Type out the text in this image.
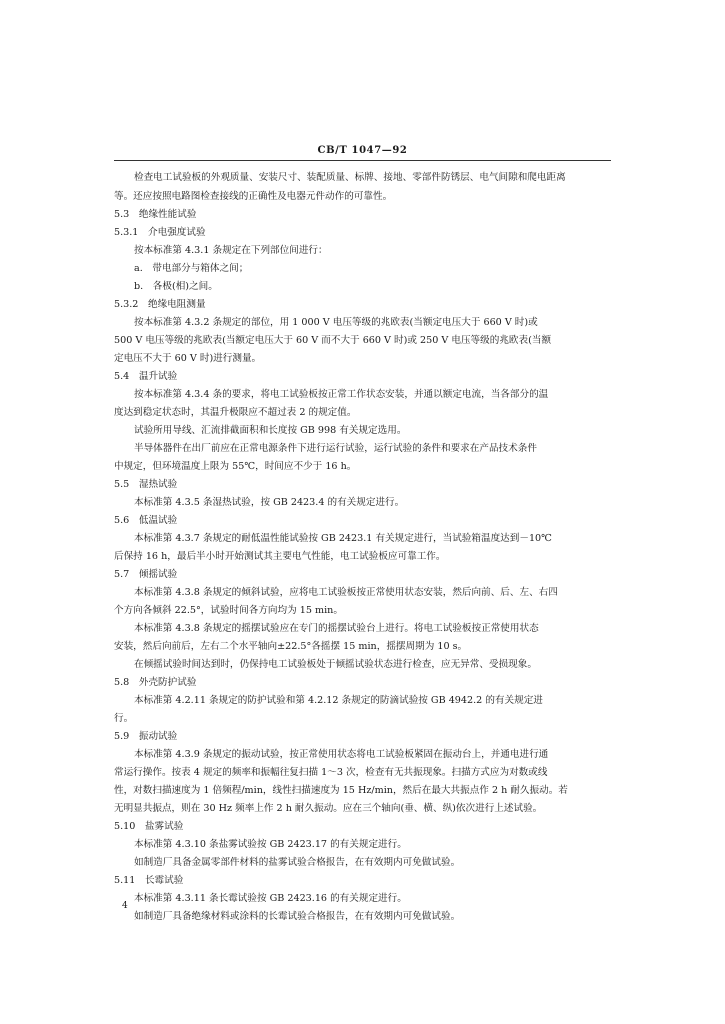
CB/T 1047—92
检查电工试验板的外观质量、安装尺寸、装配质量、标牌、接地、零部件防锈层、电气间隙和爬电距离
等。还应按照电路图检查接线的正确性及电器元件动作的可靠性。
5.3　绝缘性能试验
5.3.1　介电强度试验
按本标准第 4.3.1 条规定在下列部位间进行：
a.　带电部分与箱体之间；
b.　各极(相)之间。
5.3.2　绝缘电阻测量
按本标准第 4.3.2 条规定的部位，用 1 000 V 电压等级的兆欧表(当额定电压大于 660 V 时)或
500 V 电压等级的兆欧表(当额定电压大于 60 V 而不大于 660 V 时)或 250 V 电压等级的兆欧表(当额
定电压不大于 60 V 时)进行测量。
5.4　温升试验
按本标准第 4.3.4 条的要求，将电工试验板按正常工作状态安装，并通以额定电流，当各部分的温
度达到稳定状态时，其温升极限应不超过表 2 的规定值。
试验所用导线、汇流排截面积和长度按 GB 998 有关规定选用。
半导体器件在出厂前应在正常电源条件下进行运行试验，运行试验的条件和要求在产品技术条件
中规定，但环境温度上限为 55℃，时间应不少于 16 h。
5.5　湿热试验
本标准第 4.3.5 条湿热试验，按 GB 2423.4 的有关规定进行。
5.6　低温试验
本标准第 4.3.7 条规定的耐低温性能试验按 GB 2423.1 有关规定进行，当试验箱温度达到－10℃
后保持 16 h，最后半小时开始测试其主要电气性能，电工试验板应可靠工作。
5.7　倾摇试验
本标准第 4.3.8 条规定的倾斜试验，应将电工试验板按正常使用状态安装，然后向前、后、左、右四
个方向各倾斜 22.5°，试验时间各方向均为 15 min。
本标准第 4.3.8 条规定的摇摆试验应在专门的摇摆试验台上进行。将电工试验板按正常使用状态
安装，然后向前后，左右二个水平轴向±22.5°各摇摆 15 min，摇摆周期为 10 s。
在倾摇试验时间达到时，仍保持电工试验板处于倾摇试验状态进行检查，应无异常、受损现象。
5.8　外壳防护试验
本标准第 4.2.11 条规定的防护试验和第 4.2.12 条规定的防滴试验按 GB 4942.2 的有关规定进
行。
5.9　振动试验
本标准第 4.3.9 条规定的振动试验，按正常使用状态将电工试验板紧固在振动台上，并通电进行通
常运行操作。按表 4 规定的频率和振幅往复扫描 1～3 次，检查有无共振现象。扫描方式应为对数或线
性，对数扫描速度为 1 倍频程/min，线性扫描速度为 15 Hz/min，然后在最大共振点作 2 h 耐久振动。若
无明显共振点，则在 30 Hz 频率上作 2 h 耐久振动。应在三个轴向(垂、横、纵)依次进行上述试验。
5.10　盐雾试验
本标准第 4.3.10 条盐雾试验按 GB 2423.17 的有关规定进行。
如制造厂具备金属零部件材料的盐雾试验合格报告，在有效期内可免做试验。
5.11　长霉试验
本标准第 4.3.11 条长霉试验按 GB 2423.16 的有关规定进行。
如制造厂具备绝缘材料或涂料的长霉试验合格报告，在有效期内可免做试验。
4
